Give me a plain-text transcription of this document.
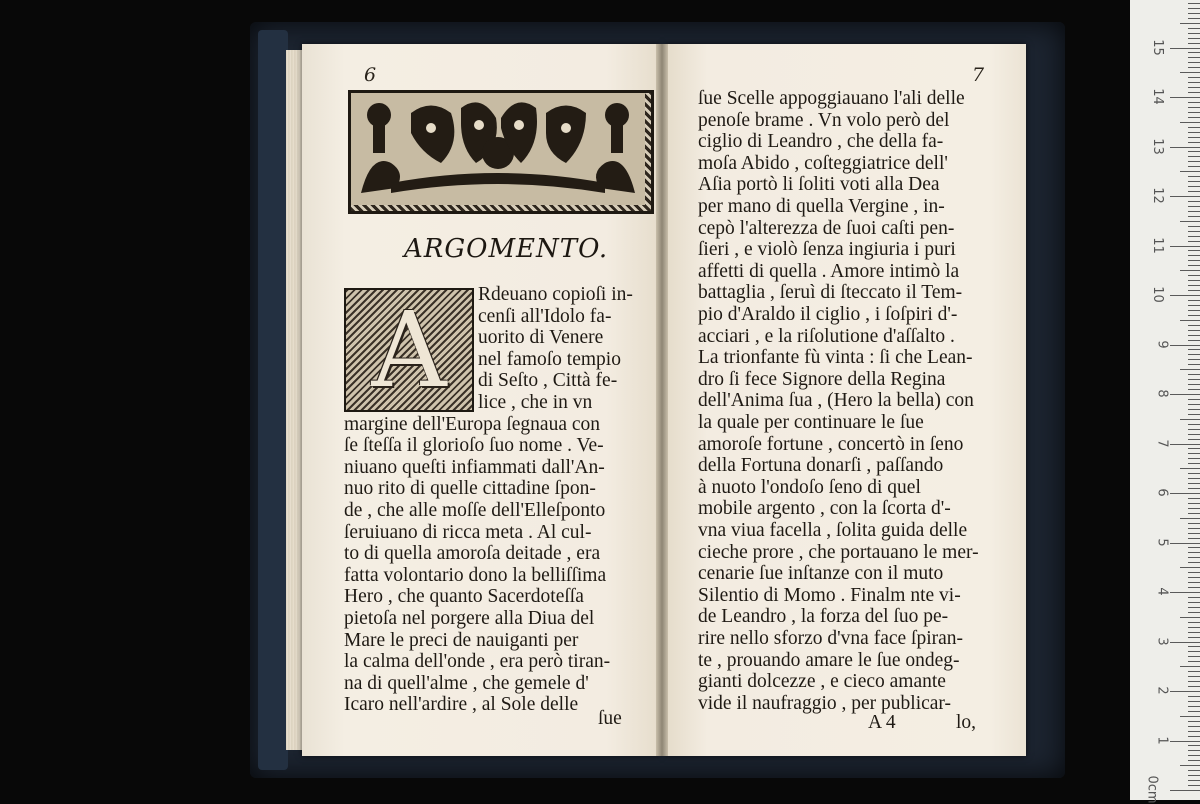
6	7
ARGOMENTO.
A	Rdeuano copioſi in-
cenſi all'Idolo fa-
uorito di Venere
nel famoſo tempio
di Seſto , Città fe-
lice , che in vn
margine dell'Europa ſegnaua con
ſe ſteſſa il glorioſo ſuo nome . Ve-
niuano queſti infiammati dall'An-
nuo rito di quelle cittadine ſpon-
de , che alle moſſe dell'Elleſponto
ſeruiuano di ricca meta . Al cul-
to di quella amoroſa deitade , era
fatta volontario dono la belliſſima
Hero , che quanto Sacerdoteſſa
pietoſa nel porgere alla Diua del
Mare le preci de nauiganti per
la calma dell'onde , era però tiran-
na di quell'alme , che gemele d'
Icaro nell'ardire , al Sole delle
ſue
ſue Scelle appoggiauano l'ali delle
penoſe brame . Vn volo però del
ciglio di Leandro , che della fa-
moſa Abido , coſteggiatrice dell'
Aſia portò li ſoliti voti alla Dea
per mano di quella Vergine , in-
cepò l'alterezza de ſuoi caſti pen-
ſieri , e violò ſenza ingiuria i puri
affetti di quella . Amore intimò la
battaglia , ſeruì di ſteccato il Tem-
pio d'Araldo il ciglio , i ſoſpiri d'-
acciari , e la riſolutione d'aſſalto .
La trionfante fù vinta : ſi che Lean-
dro ſi fece Signore della Regina
dell'Anima ſua , (Hero la bella) con
la quale per continuare le ſue
amoroſe fortune , concertò in ſeno
della Fortuna donarſi , paſſando
à nuoto l'ondoſo ſeno di quel
mobile argento , con la ſcorta d'-
vna viua facella , ſolita guida delle
cieche prore , che portauano le mer-
cenarie ſue inſtanze con il muto
Silentio di Momo . Finalm nte vi-
de Leandro , la forza del ſuo pe-
rire nello sforzo d'vna face ſpiran-
te , prouando amare le ſue ondeg-
gianti dolcezze , e cieco amante
vide il naufraggio , per publicar-
A 4	lo,
15
14
13
12
11
10
9
8
7
6
5
4
3
2
1
0cm
